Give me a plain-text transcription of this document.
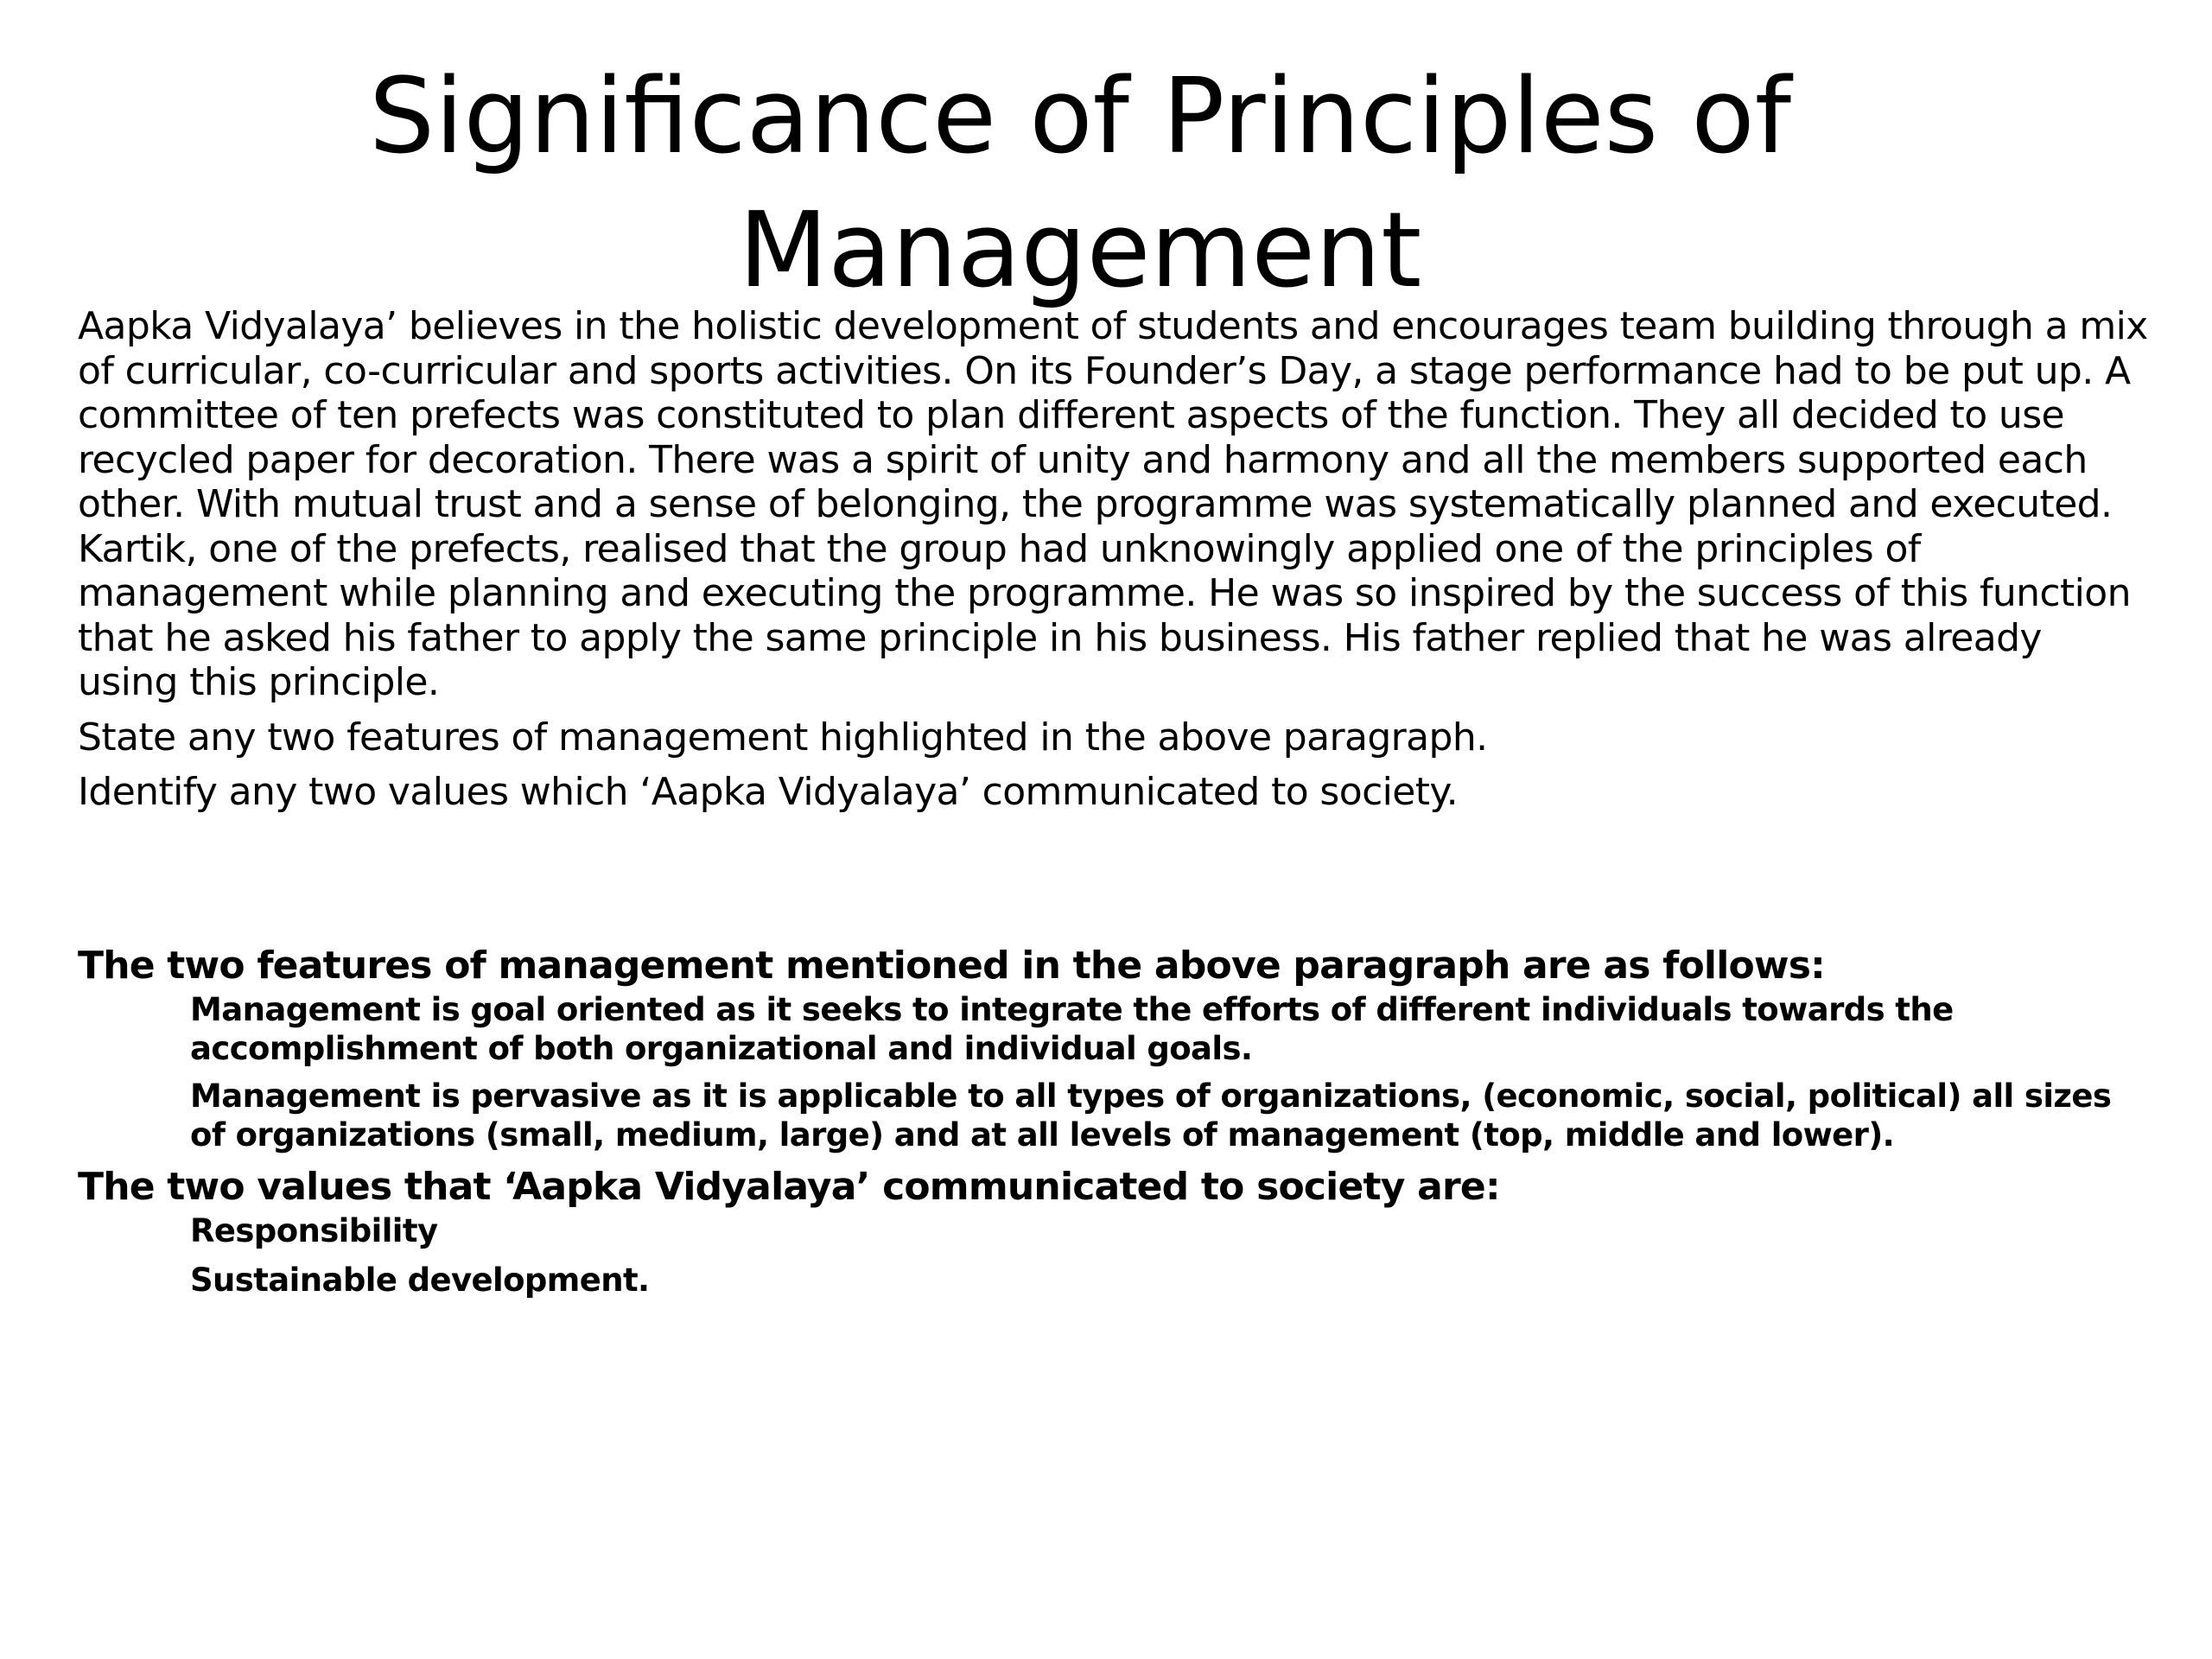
Significance of Principles of Management

Aapka Vidyalaya’ believes in the holistic development of students and encourages team building through a mix of curricular, co-curricular and sports activities. On its Founder’s Day, a stage performance had to be put up. A committee of ten prefects was constituted to plan different aspects of the function. They all decided to use recycled paper for decoration. There was a spirit of unity and harmony and all the members supported each other. With mutual trust and a sense of belonging, the programme was systematically planned and executed. Kartik, one of the prefects, realised that the group had unknowingly applied one of the principles of management while planning and executing the programme. He was so inspired by the success of this function that he asked his father to apply the same principle in his business. His father replied that he was already using this principle.

State any two features of management highlighted in the above paragraph.

Identify any two values which ‘Aapka Vidyalaya’ communicated to society.

The two features of management mentioned in the above paragraph are as follows:

Management is goal oriented as it seeks to integrate the efforts of different individuals towards the accomplishment of both organizational and individual goals.

Management is pervasive as it is applicable to all types of organizations, (economic, social, political) all sizes of organizations (small, medium, large) and at all levels of management (top, middle and lower).

The two values that ‘Aapka Vidyalaya’ communicated to society are:

Responsibility

Sustainable development.
